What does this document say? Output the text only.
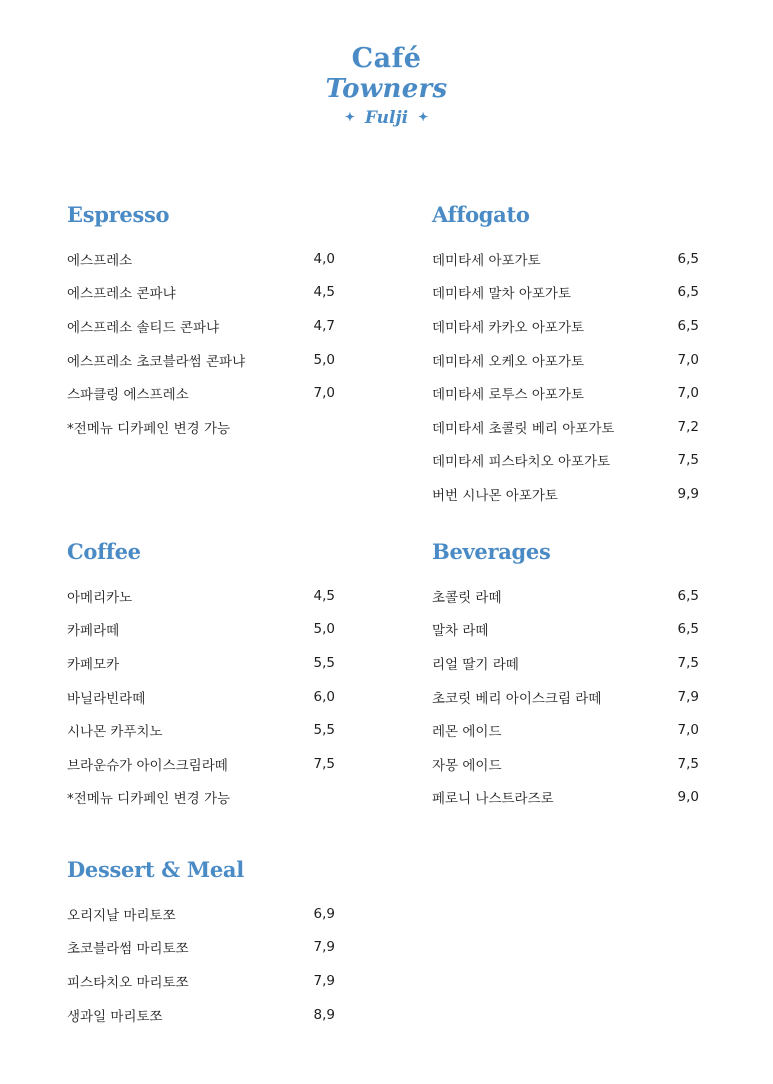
Café
Towners
✦ Fulji ✦
Espresso
에스프레소	4,0
에스프레소 콘파냐	4,5
에스프레소 솔티드 콘파냐	4,7
에스프레소 초코블라썸 콘파냐	5,0
스파클링 에스프레소	7,0
*전메뉴 디카페인 변경 가능
Affogato
데미타세 아포가토	6,5
데미타세 말차 아포가토	6,5
데미타세 카카오 아포가토	6,5
데미타세 오케오 아포가토	7,0
데미타세 로투스 아포가토	7,0
데미타세 초콜릿 베리 아포가토	7,2
데미타세 피스타치오 아포가토	7,5
버번 시나몬 아포가토	9,9
Coffee
아메리카노	4,5
카페라떼	5,0
카페모카	5,5
바닐라빈라떼	6,0
시나몬 카푸치노	5,5
브라운슈가 아이스크림라떼	7,5
*전메뉴 디카페인 변경 가능
Beverages
초콜릿 라떼	6,5
말차 라떼	6,5
리얼 딸기 라떼	7,5
초코릿 베리 아이스크림 라떼	7,9
레몬 에이드	7,0
자몽 에이드	7,5
페로니 나스트라즈로	9,0
Dessert & Meal
오리지날 마리토쪼	6,9
초코블라썸 마리토쪼	7,9
피스타치오 마리토쪼	7,9
생과일 마리토쪼	8,9
